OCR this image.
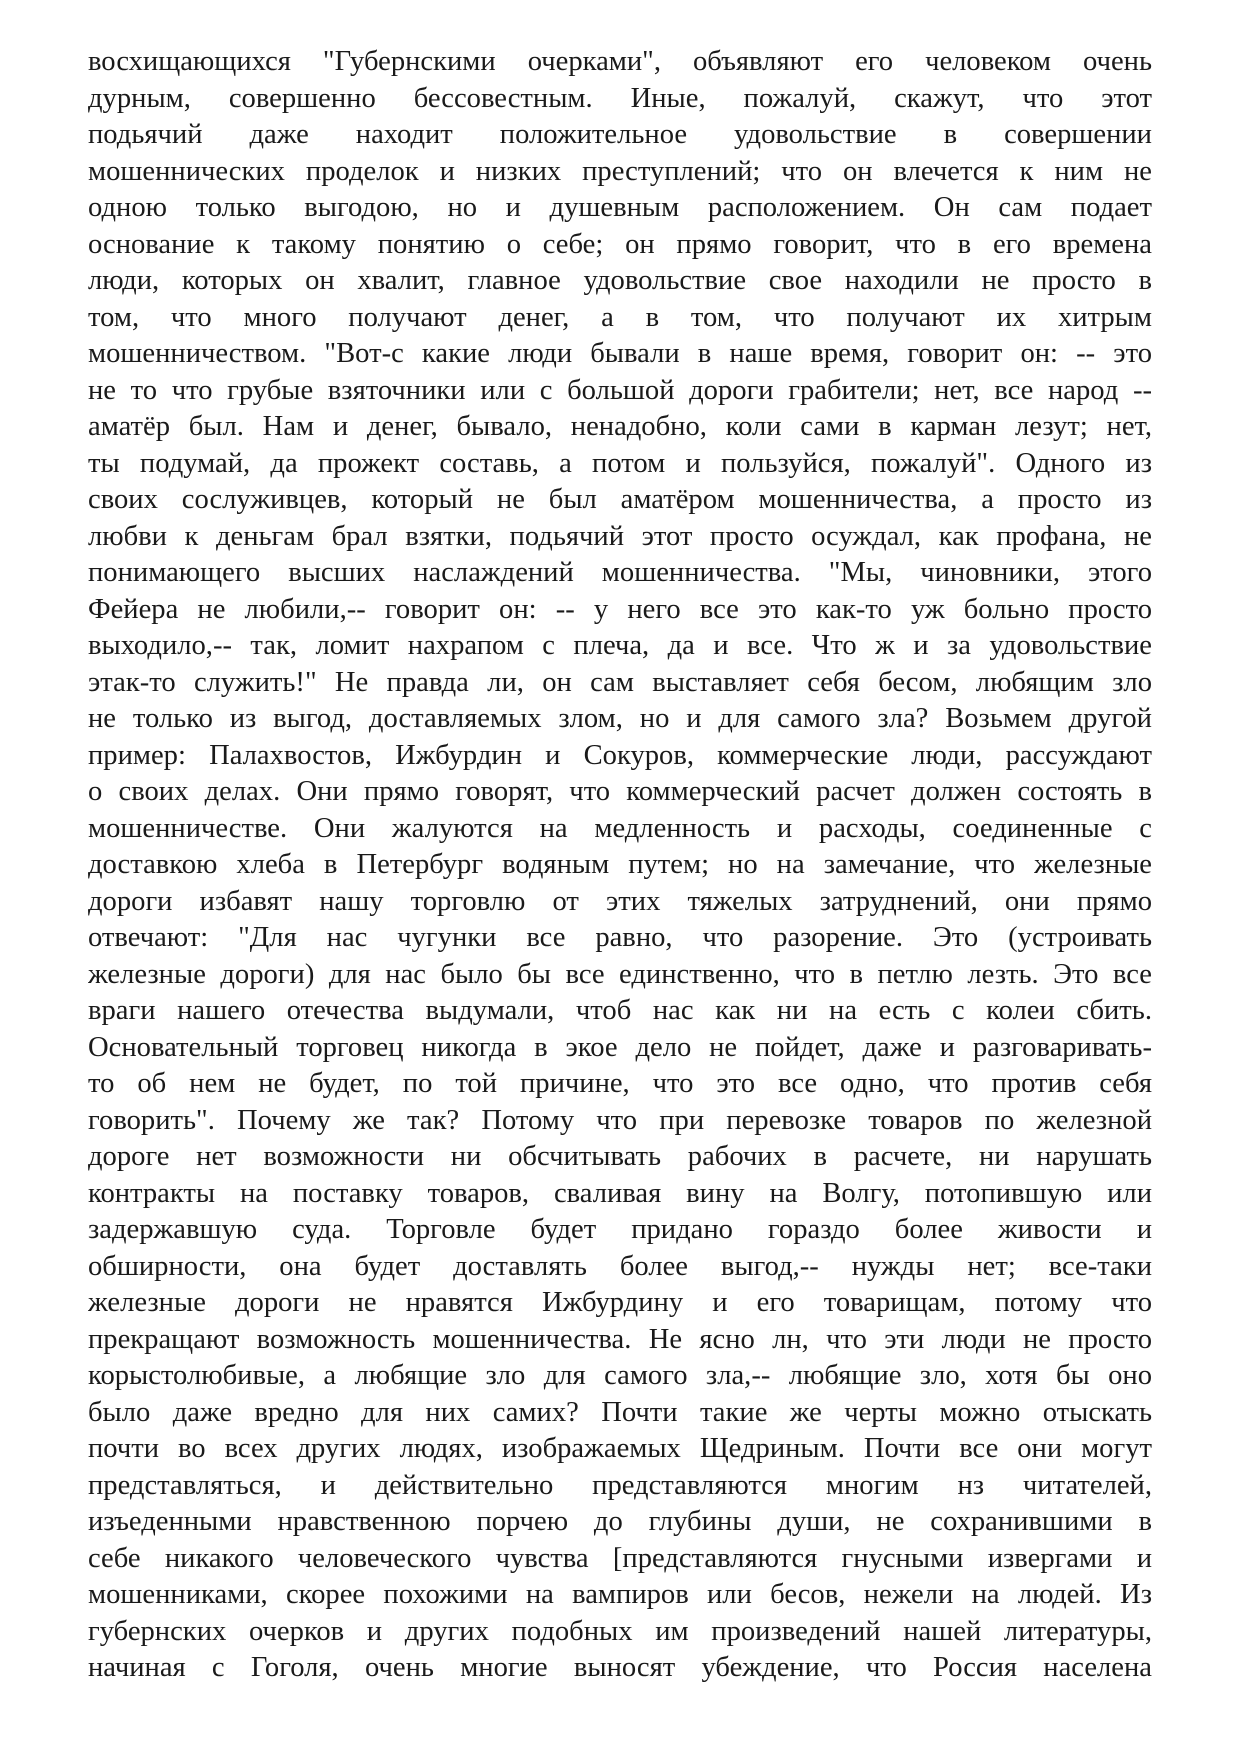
восхищающихся "Губернскими очерками", объявляют его человеком очень
дурным, совершенно бессовестным. Иные, пожалуй, скажут, что этот
подьячий даже находит положительное удовольствие в совершении
мошеннических проделок и низких преступлений; что он влечется к ним не
одною только выгодою, но и душевным расположением. Он сам подает
основание к такому понятию о себе; он прямо говорит, что в его времена
люди, которых он хвалит, главное удовольствие свое находили не просто в
том, что много получают денег, а в том, что получают их хитрым
мошенничеством. "Вот-с какие люди бывали в наше время, говорит он: -- это
не то что грубые взяточники или с большой дороги грабители; нет, все народ --
аматёр был. Нам и денег, бывало, ненадобно, коли сами в карман лезут; нет,
ты подумай, да прожект составь, а потом и пользуйся, пожалуй". Одного из
своих сослуживцев, который не был аматёром мошенничества, а просто из
любви к деньгам брал взятки, подьячий этот просто осуждал, как профана, не
понимающего высших наслаждений мошенничества. "Мы, чиновники, этого
Фейера не любили,-- говорит он: -- у него все это как-то уж больно просто
выходило,-- так, ломит нахрапом с плеча, да и все. Что ж и за удовольствие
этак-то служить!" Не правда ли, он сам выставляет себя бесом, любящим зло
не только из выгод, доставляемых злом, но и для самого зла? Возьмем другой
пример: Палахвостов, Ижбурдин и Сокуров, коммерческие люди, рассуждают
о своих делах. Они прямо говорят, что коммерческий расчет должен состоять в
мошенничестве. Они жалуются на медленность и расходы, соединенные с
доставкою хлеба в Петербург водяным путем; но на замечание, что железные
дороги избавят нашу торговлю от этих тяжелых затруднений, они прямо
отвечают: "Для нас чугунки все равно, что разорение. Это (устроивать
железные дороги) для нас было бы все единственно, что в петлю лезть. Это все
враги нашего отечества выдумали, чтоб нас как ни на есть с колеи сбить.
Основательный торговец никогда в экое дело не пойдет, даже и разговаривать-
то об нем не будет, по той причине, что это все одно, что против себя
говорить". Почему же так? Потому что при перевозке товаров по железной
дороге нет возможности ни обсчитывать рабочих в расчете, ни нарушать
контракты на поставку товаров, сваливая вину на Волгу, потопившую или
задержавшую суда. Торговле будет придано гораздо более живости и
обширности, она будет доставлять более выгод,-- нужды нет; все-таки
железные дороги не нравятся Ижбурдину и его товарищам, потому что
прекращают возможность мошенничества. Не ясно лн, что эти люди не просто
корыстолюбивые, а любящие зло для самого зла,-- любящие зло, хотя бы оно
было даже вредно для них самих? Почти такие же черты можно отыскать
почти во всех других людях, изображаемых Щедриным. Почти все они могут
представляться, и действительно представляются многим нз читателей,
изъеденными нравственною порчею до глубины души, не сохранившими в
себе никакого человеческого чувства [представляются гнусными извергами и
мошенниками, скорее похожими на вампиров или бесов, нежели на людей. Из
губернских очерков и других подобных им произведений нашей литературы,
начиная с Гоголя, очень многие выносят убеждение, что Россия населена
